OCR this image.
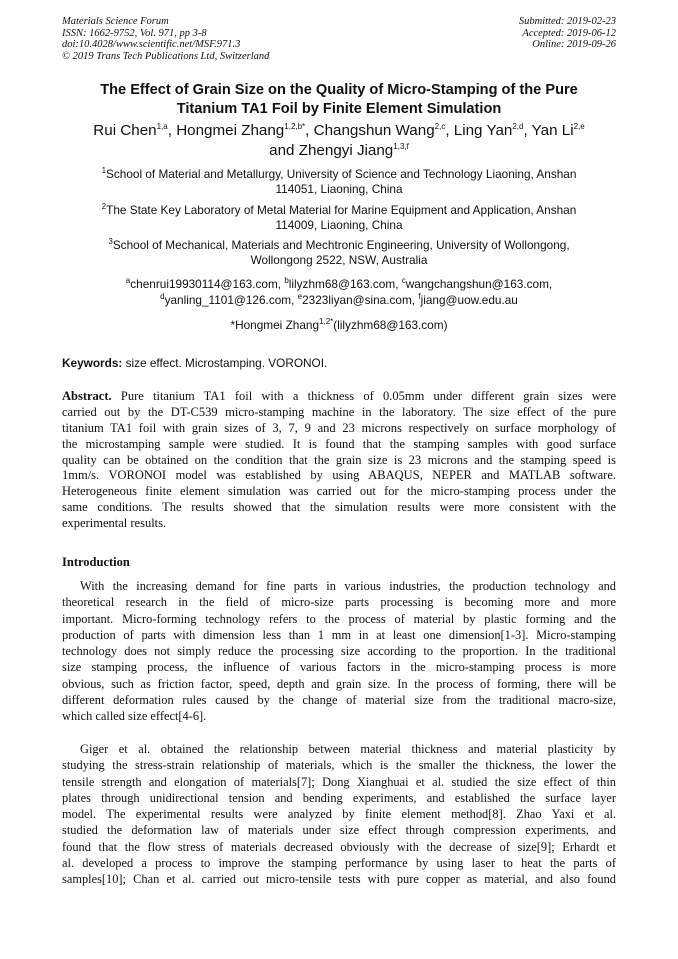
Materials Science Forum
ISSN: 1662-9752, Vol. 971, pp 3-8
doi:10.4028/www.scientific.net/MSF.971.3
© 2019 Trans Tech Publications Ltd, Switzerland
Submitted: 2019-02-23
Accepted: 2019-06-12
Online: 2019-09-26
The Effect of Grain Size on the Quality of Micro-Stamping of the Pure
Titanium TA1 Foil by Finite Element Simulation
Rui Chen$^{1,a}$, Hongmei Zhang$^{1,2,b*}$, Changshun Wang$^{2,c}$, Ling Yan$^{2,d}$, Yan Li$^{2,e}$
and Zhengyi Jiang$^{1,3,f}$
$^1$School of Material and Metallurgy, University of Science and Technology Liaoning, Anshan
114051, Liaoning, China
$^2$The State Key Laboratory of Metal Material for Marine Equipment and Application, Anshan
114009, Liaoning, China
$^3$School of Mechanical, Materials and Mechtronic Engineering, University of Wollongong,
Wollongong 2522, NSW, Australia
$^a$chenrui19930114@163.com, $^b$lilyzhm68@163.com, $^c$wangchangshun@163.com,
$^d$yanling_1101@126.com, $^e$2323liyan@sina.com, $^f$jiang@uow.edu.au
*Hongmei Zhang$^{1,2*}$(lilyzhm68@163.com)
Keywords: size effect. Microstamping. VORONOI.
Abstract. Pure titanium TA1 foil with a thickness of 0.05mm under different grain sizes were
carried out by the DT-C539 micro-stamping machine in the laboratory. The size effect of the pure
titanium TA1 foil with grain sizes of 3, 7, 9 and 23 microns respectively on surface morphology of
the microstamping sample were studied. It is found that the stamping samples with good surface
quality can be obtained on the condition that the grain size is 23 microns and the stamping speed is
1mm/s. VORONOI model was established by using ABAQUS, NEPER and MATLAB software.
Heterogeneous finite element simulation was carried out for the micro-stamping process under the
same conditions. The results showed that the simulation results were more consistent with the
experimental results.
Introduction
With the increasing demand for fine parts in various industries, the production technology and
theoretical research in the field of micro-size parts processing is becoming more and more
important. Micro-forming technology refers to the process of material by plastic forming and the
production of parts with dimension less than 1 mm in at least one dimension[1-3]. Micro-stamping
technology does not simply reduce the processing size according to the proportion. In the traditional
size stamping process, the influence of various factors in the micro-stamping process is more
obvious, such as friction factor, speed, depth and grain size. In the process of forming, there will be
different deformation rules caused by the change of material size from the traditional macro-size,
which called size effect[4-6].
Giger et al. obtained the relationship between material thickness and material plasticity by
studying the stress-strain relationship of materials, which is the smaller the thickness, the lower the
tensile strength and elongation of materials[7]; Dong Xianghuai et al. studied the size effect of thin
plates through unidirectional tension and bending experiments, and established the surface layer
model. The experimental results were analyzed by finite element method[8]. Zhao Yaxi et al.
studied the deformation law of materials under size effect through compression experiments, and
found that the flow stress of materials decreased obviously with the decrease of size[9]; Erhardt et
al. developed a process to improve the stamping performance by using laser to heat the parts of
samples[10]; Chan et al. carried out micro-tensile tests with pure copper as material, and also found
